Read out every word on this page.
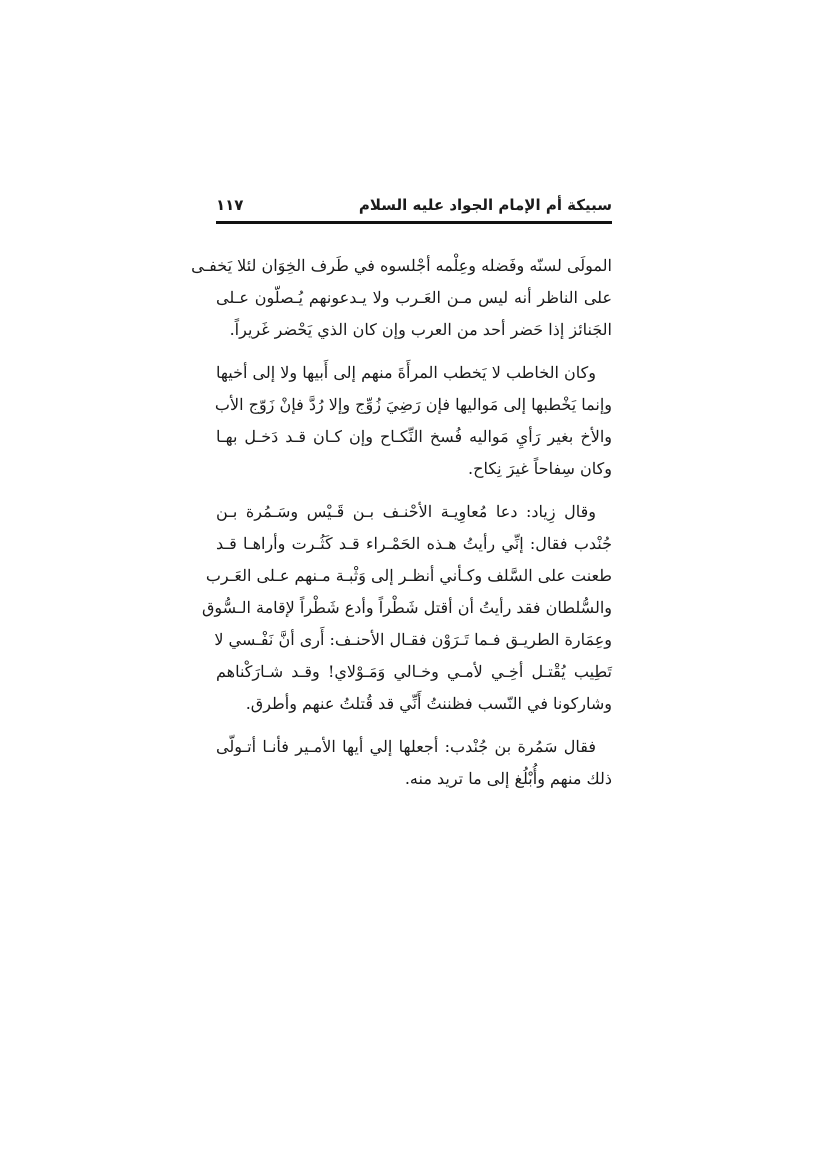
سبيكة أم الإمام الجواد عليه السلام
١١٧

المولَى لسنّه وفَضله وعِلْمه أجْلسوه في طَرف الخِوَان لئلا يَخفـى
على الناظر أنه ليس مـن العَـرب ولا يـدعونهم يُـصلّون عـلى
الجَنائز إذا حَضر أحد من العرب وإن كان الذي يَحْضر غَريراً.

وكان الخاطب لا يَخطب المرأَةَ منهم إلى أَبيها ولا إلى أخيها
وإنما يَخْطبها إلى مَواليها فإن رَضِيَ زُوِّج وإلا رُدَّ فإنْ زَوّج الأب
والأخ بغير رَأيِ مَواليه فُسخ النِّكـاح وإن كـان قـد دَخـل بهـا
وكان سِفاحاً غيرَ نِكاح.

وقال زِياد: دعا مُعاوِيـة الأحْنـف بـن قَـيْس وسَـمُرة بـن
جُنْدب فقال: إنِّي رأيتُ هـذه الحَمْـراء قـد كَثُـرت وأراهـا قـد
طعنت على السَّلف وكـأني أنظـر إلى وَثْبـة مـنهم عـلى العَـرب
والسُّلطان فقد رأيتُ أن أقتل شَطْراً وأدع شَطْراً لإقامة الـسُّوق
وعِمَارة الطريـق فـما تَـرَوْن فقـال الأحنـف: أَرى أنَّ نَفْـسي لا
تَطِيب يُقْتـل أخِـي لأمـي وخـالي وَمَـوْلاي! وقـد شـارَكْناهم
وشاركونا في النّسب فظننتُ أَنِّي قد قُتلتُ عنهم وأطرق.

فقال سَمُرة بن جُنْدب: أجعلها إلي أيها الأمـير فأنـا أتـولّى
ذلك منهم وأُبْلُغ إلى ما تريد منه.
